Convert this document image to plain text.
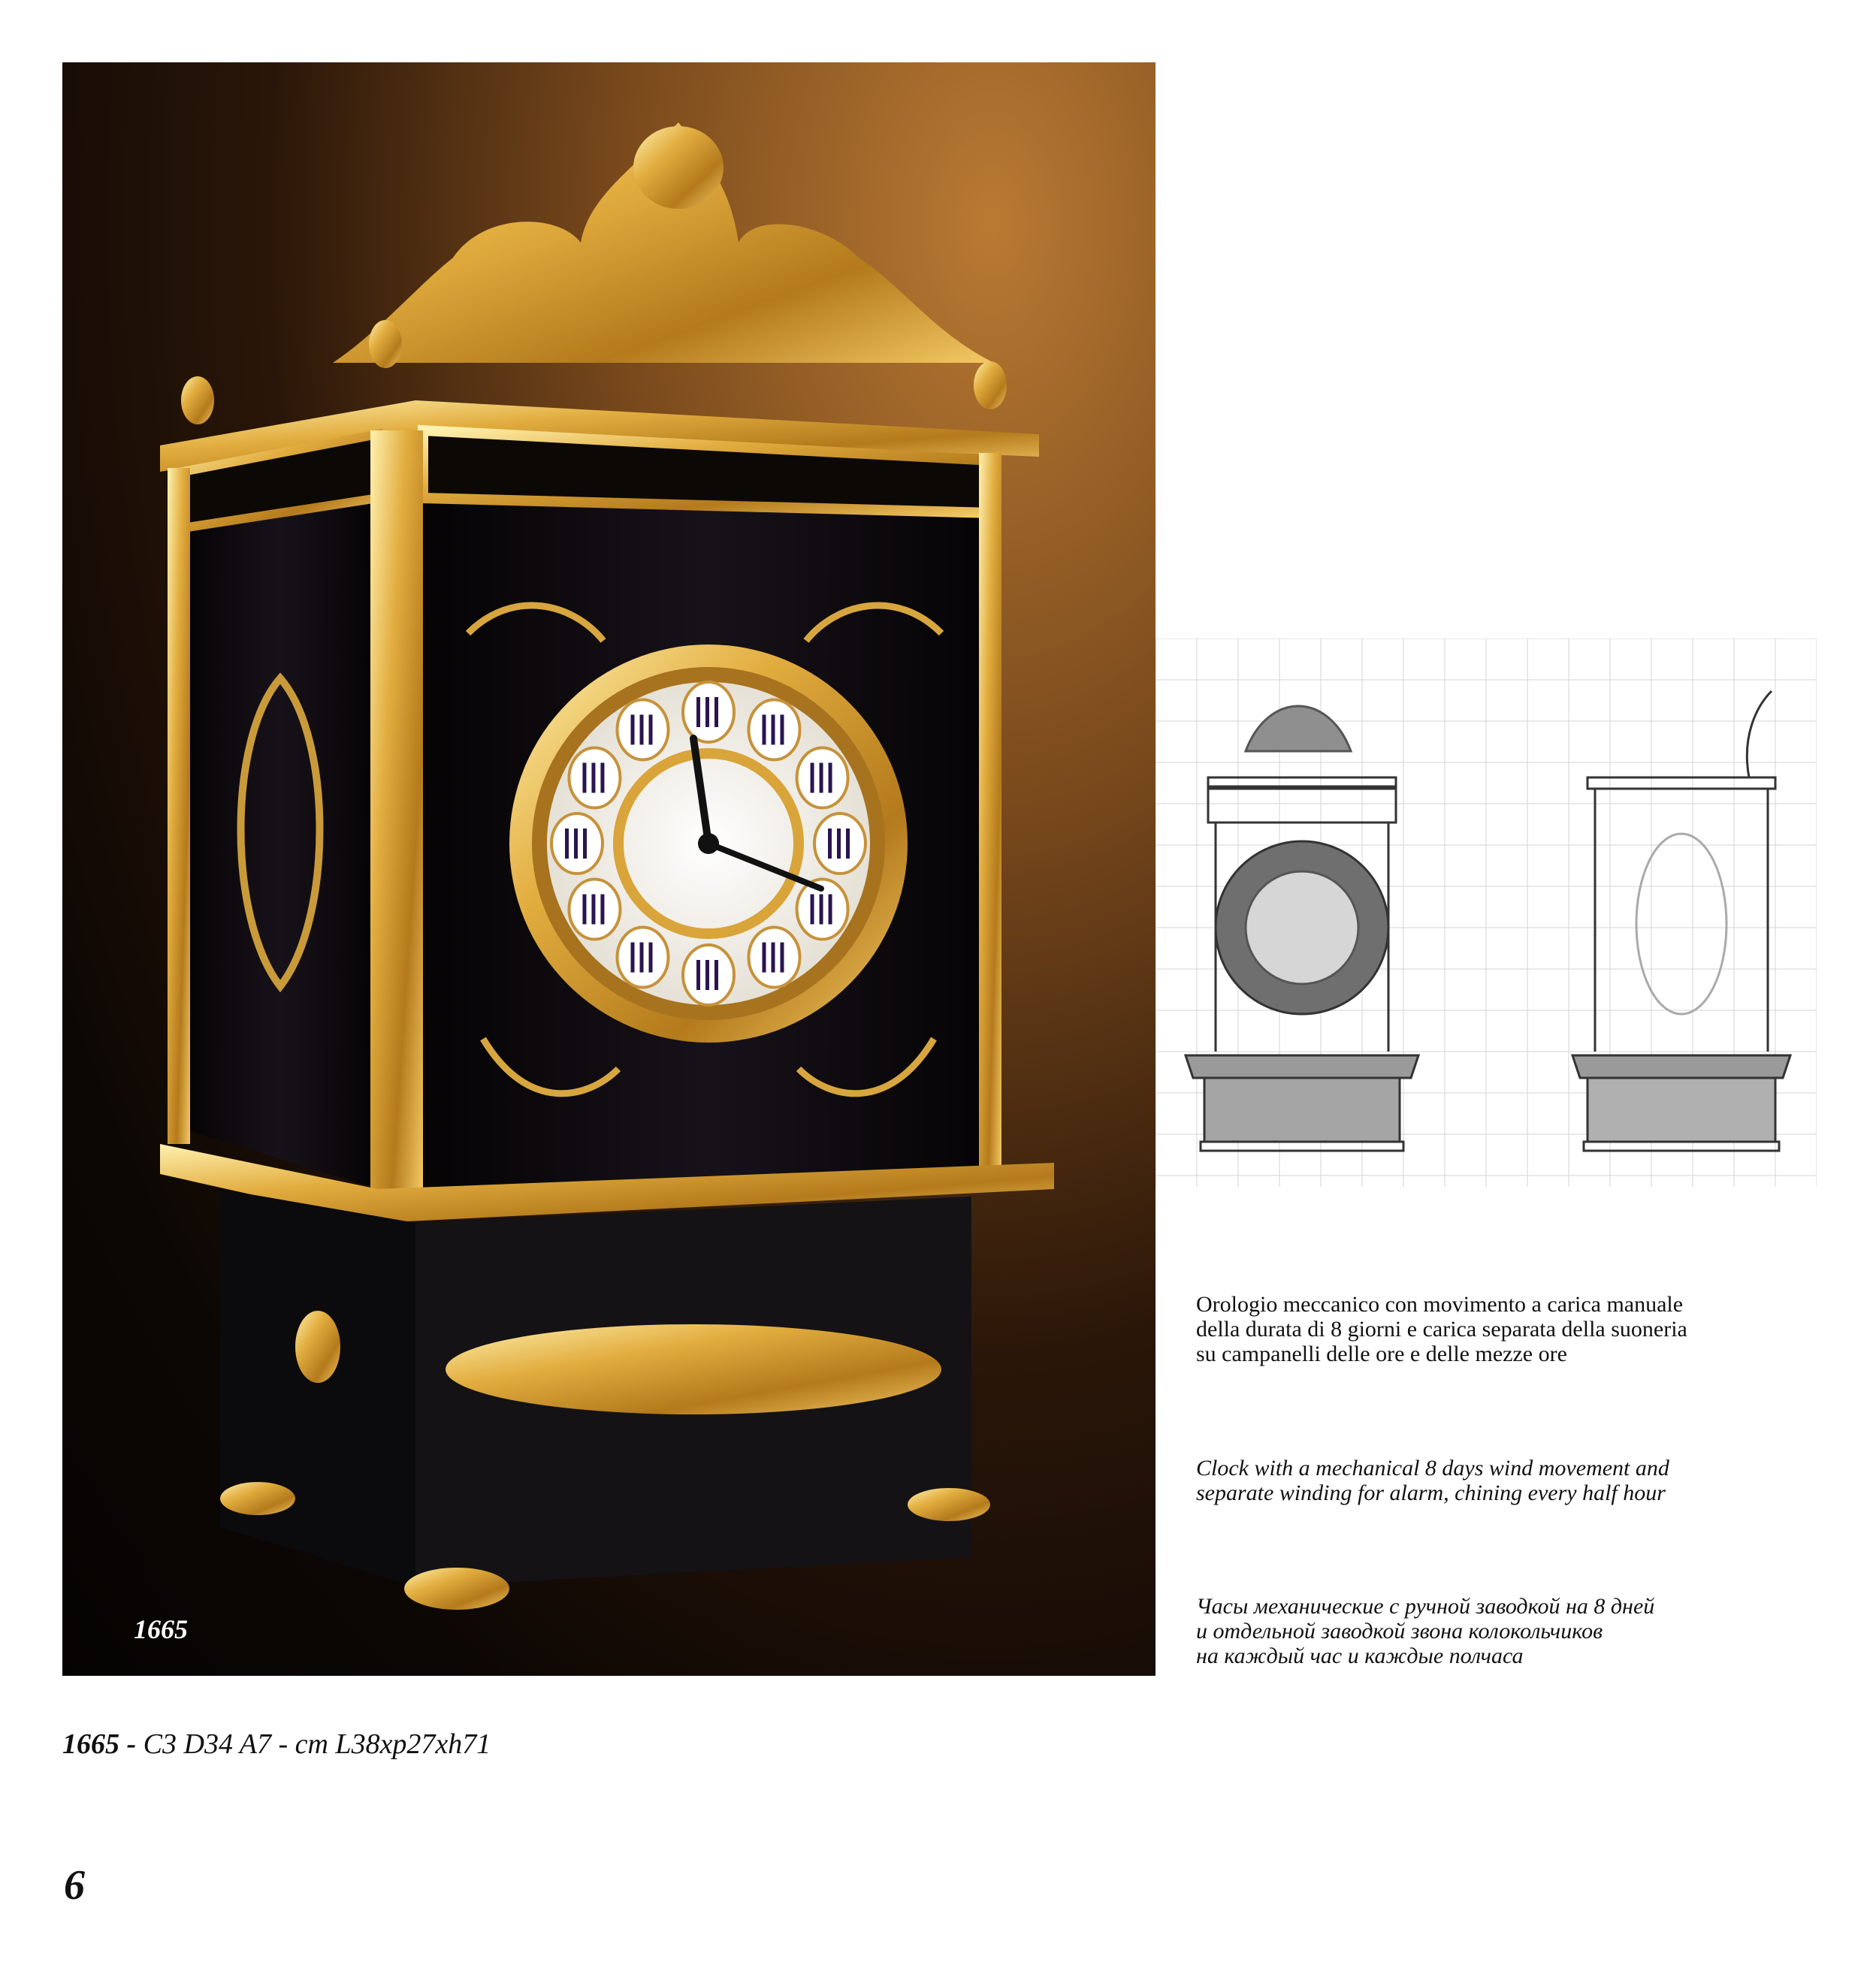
1665

Orologio meccanico con movimento a carica manuale

della durata di 8 giorni e carica separata della suoneria

su campanelli delle ore e delle mezze ore

Clock with a mechanical 8 days wind movement and

separate winding for alarm, chining every half hour

Часы механические с ручной заводкой на 8 дней

и отдельной заводкой звона колокольчиков

на каждый час и каждые полчаса

1665 - C3 D34 A7 - cm L38xp27xh71
6
